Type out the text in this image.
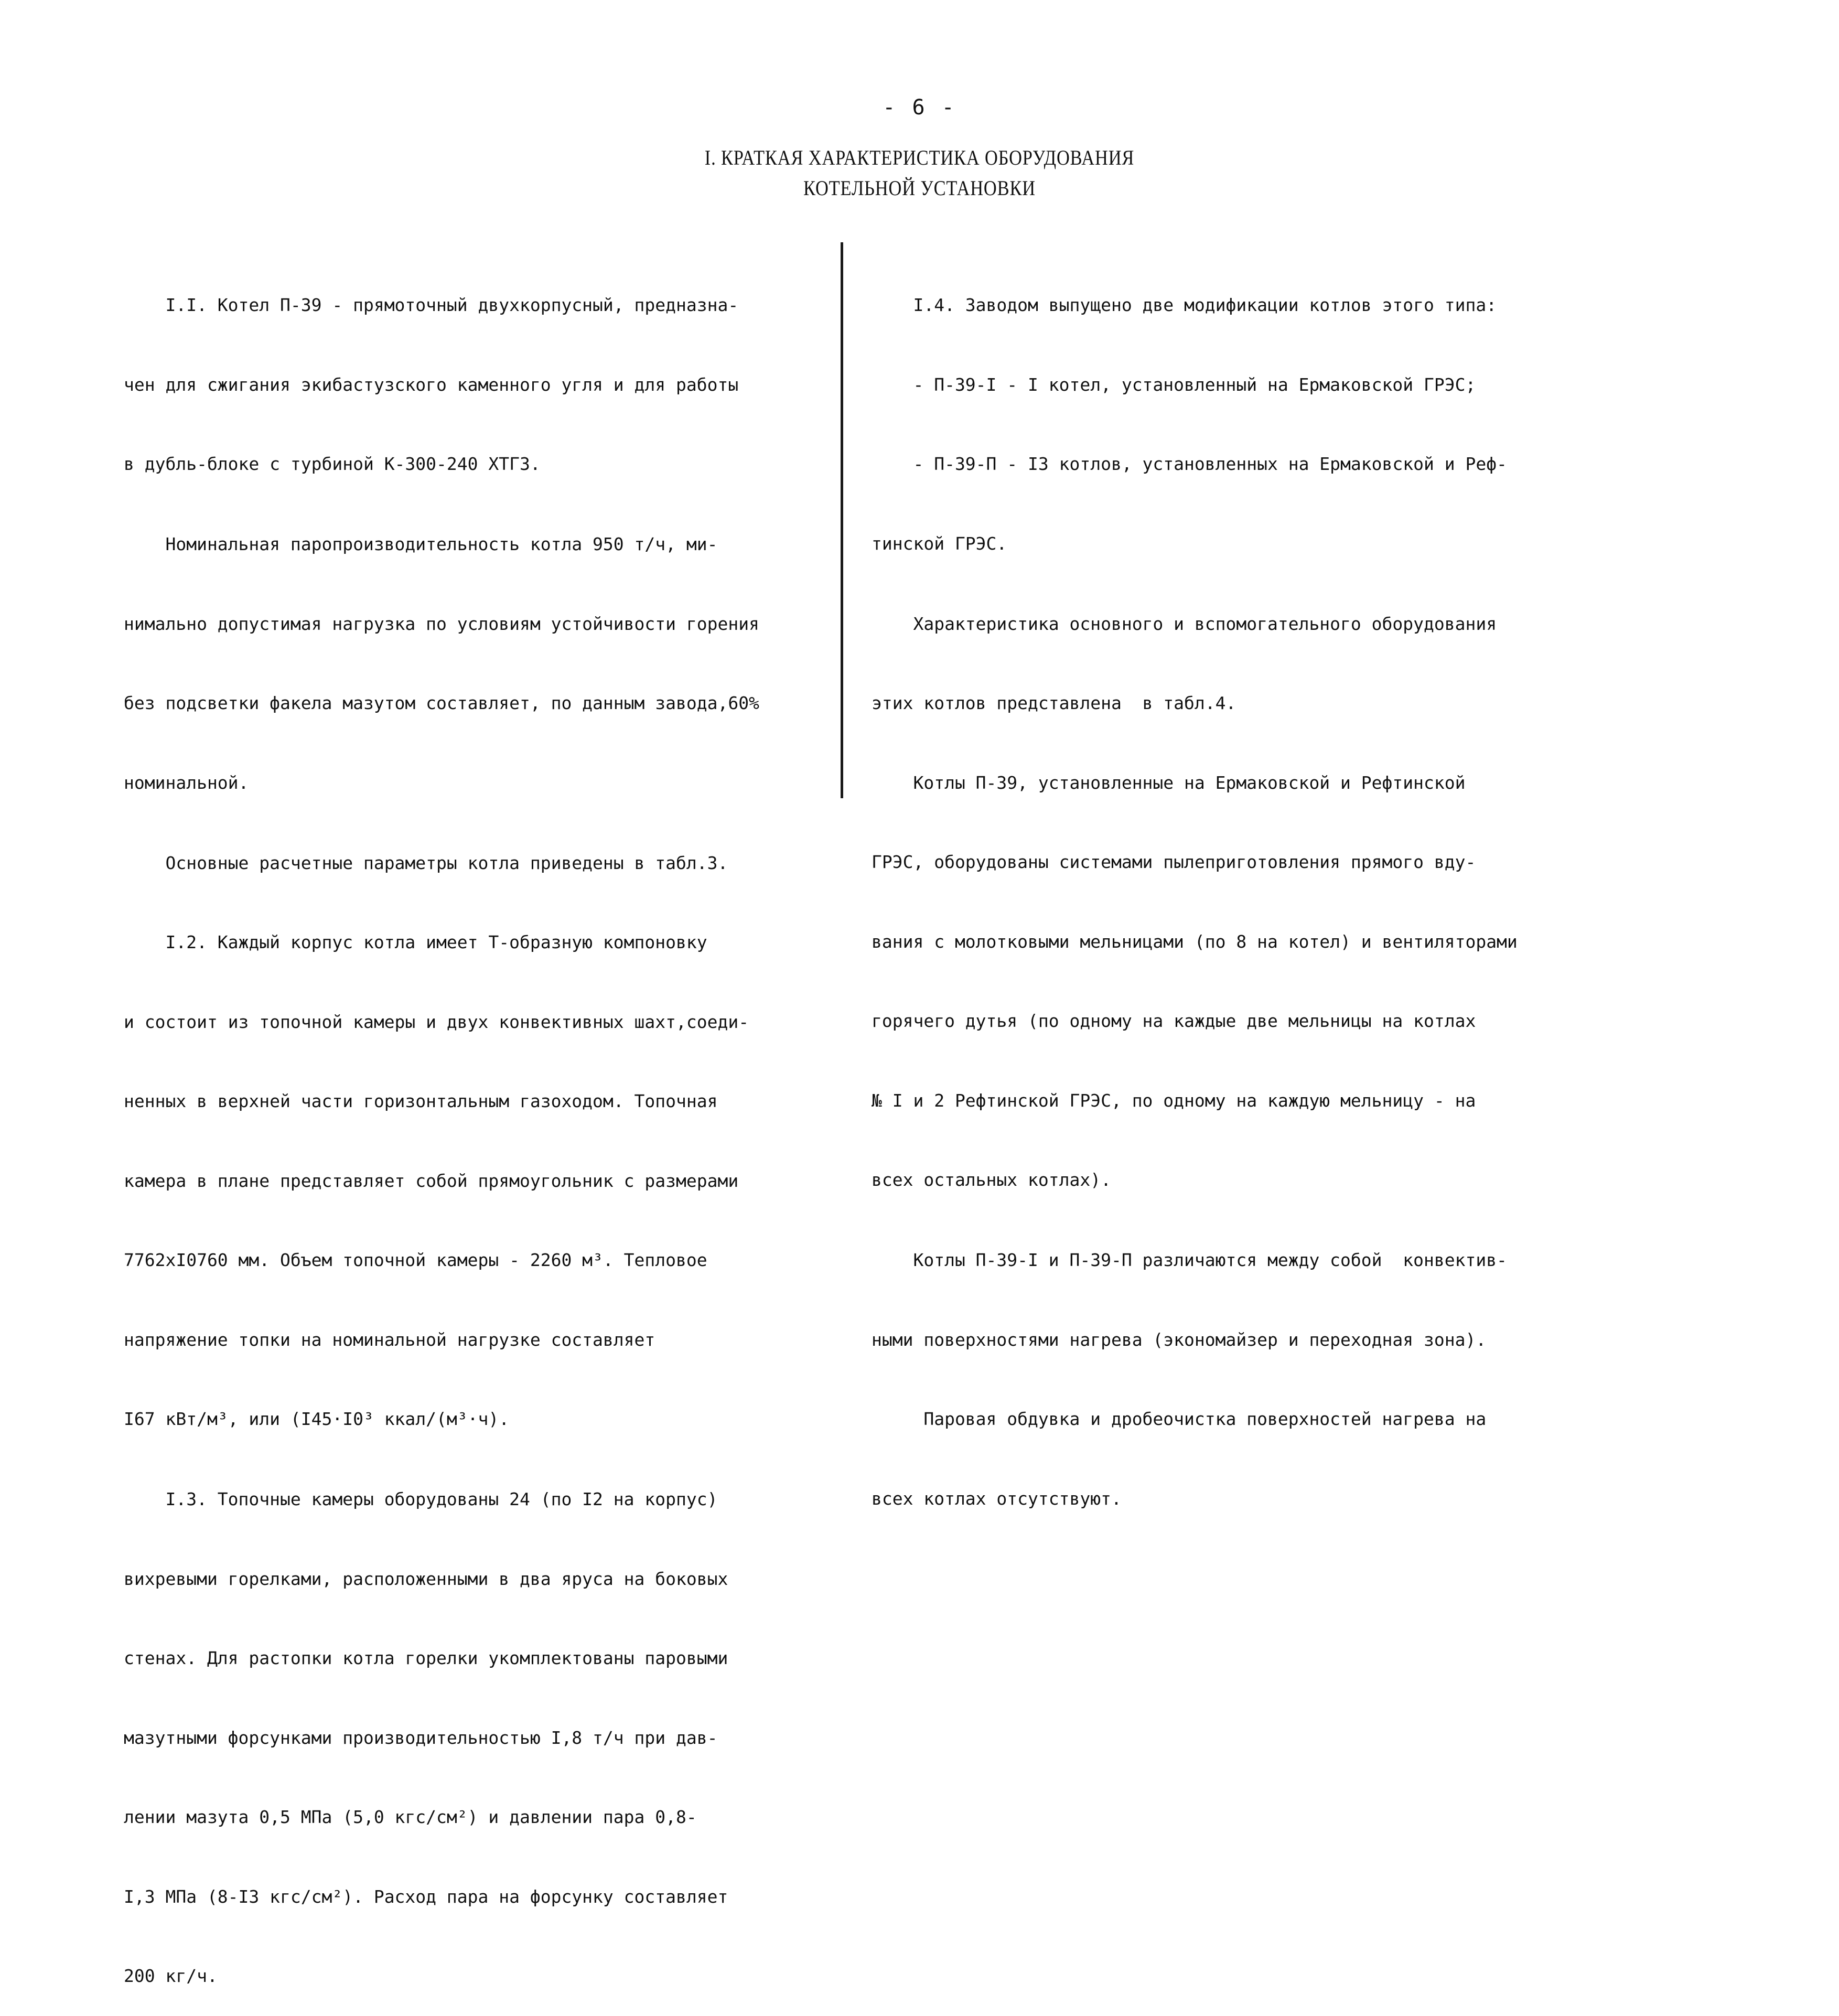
- 6 -
I. КРАТКАЯ ХАРАКТЕРИСТИКА ОБОРУДОВАНИЯ
КОТЕЛЬНОЙ УСТАНОВКИ

I.I. Котел П-39 - прямоточный двухкорпусный, предназна-

чен для сжигания экибастузского каменного угля и для работы

в дубль-блоке с турбиной К-300-240 ХТГЗ.

Номинальная паропроизводительность котла 950 т/ч, ми-

нимально допустимая нагрузка по условиям устойчивости горения

без подсветки факела мазутом составляет, по данным завода,60%

номинальной.

Основные расчетные параметры котла приведены в табл.3.

I.2. Каждый корпус котла имеет Т-образную компоновку

и состоит из топочной камеры и двух конвективных шахт,соеди-

ненных в верхней части горизонтальным газоходом. Топочная

камера в плане представляет собой прямоугольник с размерами

7762xI0760 мм. Объем топочной камеры - 2260 м³. Тепловое

напряжение топки на номинальной нагрузке составляет

I67 кВт/м³, или (I45·I0³ ккал/(м³·ч).

I.3. Топочные камеры оборудованы 24 (по I2 на корпус)

вихревыми горелками, расположенными в два яруса на боковых

стенах. Для растопки котла горелки укомплектованы паровыми

мазутными форсунками производительностью I,8 т/ч при дав-

лении мазута 0,5 МПа (5,0 кгс/см²) и давлении пара 0,8-

I,3 МПа (8-I3 кгс/см²). Расход пара на форсунку составляет

200 кг/ч.

I.4. Заводом выпущено две модификации котлов этого типа:

- П-39-I - I котел, установленный на Ермаковской ГРЭС;

- П-39-П - I3 котлов, установленных на Ермаковской и Реф-

тинской ГРЭС.

Характеристика основного и вспомогательного оборудования

этих котлов представлена  в табл.4.

Котлы П-39, установленные на Ермаковской и Рефтинской

ГРЭС, оборудованы системами пылеприготовления прямого вду-

вания с молотковыми мельницами (по 8 на котел) и вентиляторами

горячего дутья (по одному на каждые две мельницы на котлах

№ I и 2 Рефтинской ГРЭС, по одному на каждую мельницу - на

всех остальных котлах).

Котлы П-39-I и П-39-П различаются между собой  конвектив-

ными поверхностями нагрева (экономайзер и переходная зона).

Паровая обдувка и дробеочистка поверхностей нагрева на

всех котлах отсутствуют.
